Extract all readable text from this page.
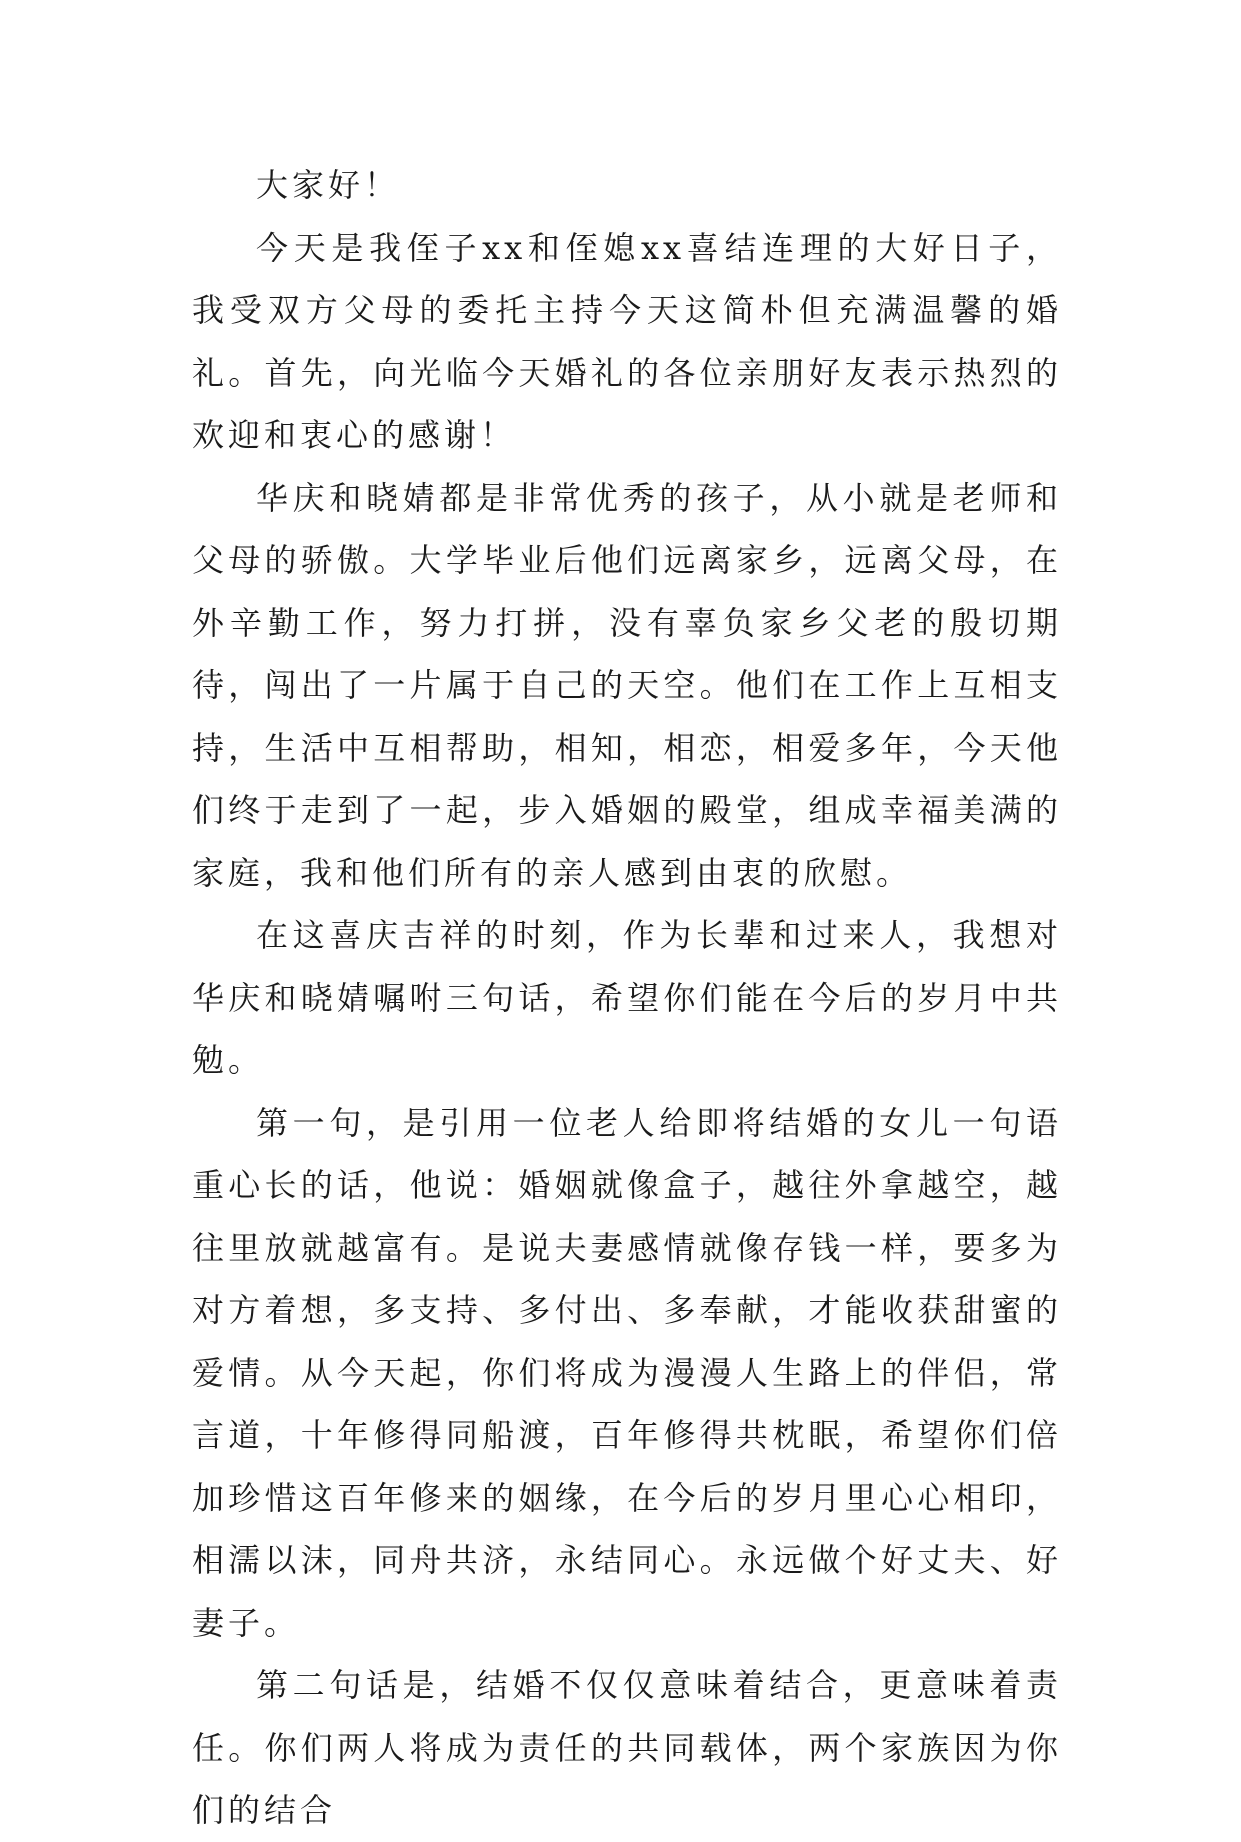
大家好！

今天是我侄子xx和侄媳xx喜结连理的大好日子，我受双方父母的委托主持今天这简朴但充满温馨的婚礼。首先，向光临今天婚礼的各位亲朋好友表示热烈的欢迎和衷心的感谢！

华庆和晓婧都是非常优秀的孩子，从小就是老师和父母的骄傲。大学毕业后他们远离家乡，远离父母，在外辛勤工作，努力打拼，没有辜负家乡父老的殷切期待，闯出了一片属于自己的天空。他们在工作上互相支持，生活中互相帮助，相知，相恋，相爱多年，今天他们终于走到了一起，步入婚姻的殿堂，组成幸福美满的家庭，我和他们所有的亲人感到由衷的欣慰。

在这喜庆吉祥的时刻，作为长辈和过来人，我想对华庆和晓婧嘱咐三句话，希望你们能在今后的岁月中共勉。

第一句，是引用一位老人给即将结婚的女儿一句语重心长的话，他说：婚姻就像盒子，越往外拿越空，越往里放就越富有。是说夫妻感情就像存钱一样，要多为对方着想，多支持、多付出、多奉献，才能收获甜蜜的爱情。从今天起，你们将成为漫漫人生路上的伴侣，常言道，十年修得同船渡，百年修得共枕眠，希望你们倍加珍惜这百年修来的姻缘，在今后的岁月里心心相印，相濡以沫，同舟共济，永结同心。永远做个好丈夫、好妻子。

第二句话是，结婚不仅仅意味着结合，更意味着责任。你们两人将成为责任的共同载体，两个家族因为你们的结合
